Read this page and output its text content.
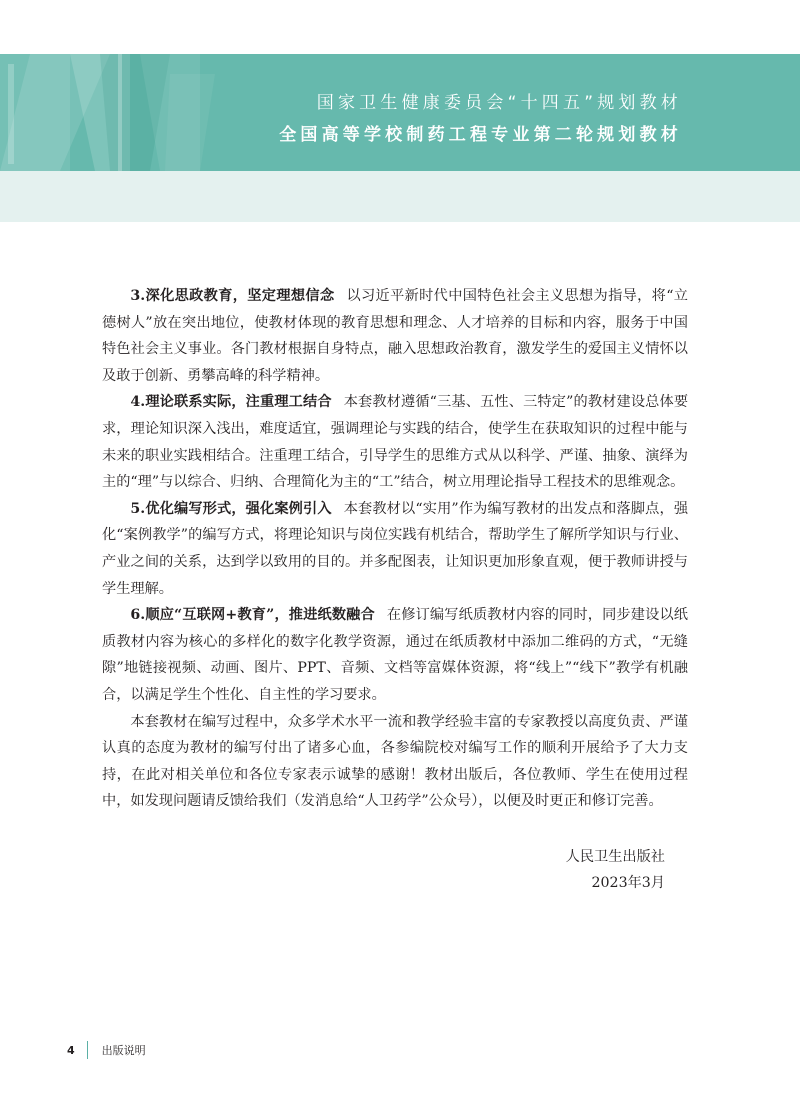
国家卫生健康委员会“十四五”规划教材

全国高等学校制药工程专业第二轮规划教材

3.深化思政教育，坚定理想信念 以习近平新时代中国特色社会主义思想为指导，将“立德树人”放在突出地位，使教材体现的教育思想和理念、人才培养的目标和内容，服务于中国特色社会主义事业。各门教材根据自身特点，融入思想政治教育，激发学生的爱国主义情怀以及敢于创新、勇攀高峰的科学精神。

4.理论联系实际，注重理工结合 本套教材遵循“三基、五性、三特定”的教材建设总体要求，理论知识深入浅出，难度适宜，强调理论与实践的结合，使学生在获取知识的过程中能与未来的职业实践相结合。注重理工结合，引导学生的思维方式从以科学、严谨、抽象、演绎为主的“理”与以综合、归纳、合理简化为主的“工”结合，树立用理论指导工程技术的思维观念。

5.优化编写形式，强化案例引入 本套教材以“实用”作为编写教材的出发点和落脚点，强化“案例教学”的编写方式，将理论知识与岗位实践有机结合，帮助学生了解所学知识与行业、产业之间的关系，达到学以致用的目的。并多配图表，让知识更加形象直观，便于教师讲授与学生理解。

6.顺应“互联网+教育”，推进纸数融合 在修订编写纸质教材内容的同时，同步建设以纸质教材内容为核心的多样化的数字化教学资源，通过在纸质教材中添加二维码的方式，“无缝隙”地链接视频、动画、图片、PPT、音频、文档等富媒体资源，将“线上”“线下”教学有机融合，以满足学生个性化、自主性的学习要求。

本套教材在编写过程中，众多学术水平一流和教学经验丰富的专家教授以高度负责、严谨认真的态度为教材的编写付出了诸多心血，各参编院校对编写工作的顺利开展给予了大力支持，在此对相关单位和各位专家表示诚挚的感谢！教材出版后，各位教师、学生在使用过程中，如发现问题请反馈给我们（发消息给“人卫药学”公众号），以便及时更正和修订完善。

人民卫生出版社
2023年3月
4 出版说明
